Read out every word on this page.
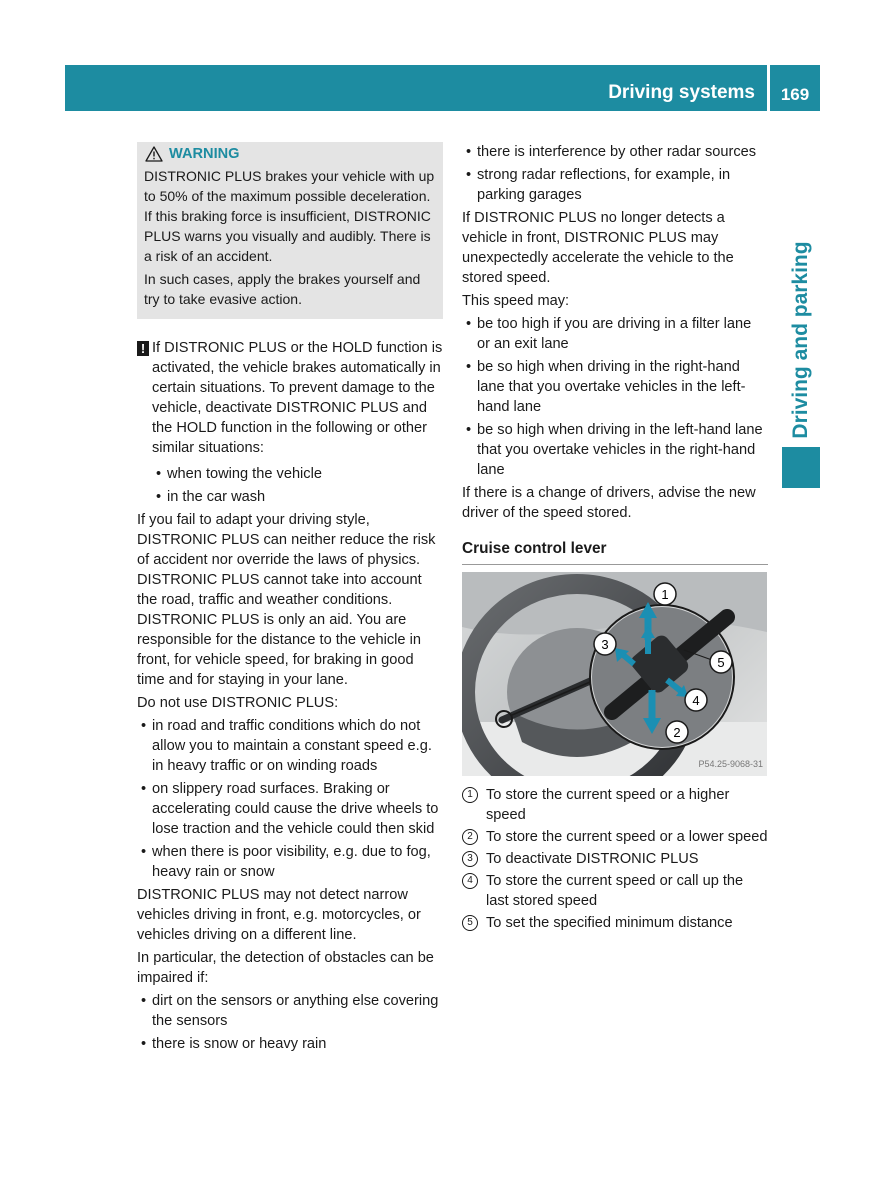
Driving systems	169
Driving and parking
WARNING

DISTRONIC PLUS brakes your vehicle with up to 50% of the maximum possible deceleration. If this braking force is insufficient, DISTRONIC PLUS warns you visually and audibly. There is a risk of an accident.

In such cases, apply the brakes yourself and try to take evasive action.

! If DISTRONIC PLUS or the HOLD function is activated, the vehicle brakes automatically in certain situations. To prevent damage to the vehicle, deactivate DISTRONIC PLUS and the HOLD function in the following or other similar situations:
• when towing the vehicle
• in the car wash

If you fail to adapt your driving style, DISTRONIC PLUS can neither reduce the risk of accident nor override the laws of physics. DISTRONIC PLUS cannot take into account the road, traffic and weather conditions. DISTRONIC PLUS is only an aid. You are responsible for the distance to the vehicle in front, for vehicle speed, for braking in good time and for staying in your lane.

Do not use DISTRONIC PLUS:

• in road and traffic conditions which do not allow you to maintain a constant speed e.g. in heavy traffic or on winding roads
• on slippery road surfaces. Braking or accelerating could cause the drive wheels to lose traction and the vehicle could then skid
• when there is poor visibility, e.g. due to fog, heavy rain or snow

DISTRONIC PLUS may not detect narrow vehicles driving in front, e.g. motorcycles, or vehicles driving on a different line.

In particular, the detection of obstacles can be impaired if:

• dirt on the sensors or anything else covering the sensors
• there is snow or heavy rain
• there is interference by other radar sources
• strong radar reflections, for example, in parking garages

If DISTRONIC PLUS no longer detects a vehicle in front, DISTRONIC PLUS may unexpectedly accelerate the vehicle to the stored speed.

This speed may:

• be too high if you are driving in a filter lane or an exit lane
• be so high when driving in the right-hand lane that you overtake vehicles in the left-hand lane
• be so high when driving in the left-hand lane that you overtake vehicles in the right-hand lane

If there is a change of drivers, advise the new driver of the speed stored.

Cruise control lever
1
2
3
4
5
P54.25-9068-31
1 To store the current speed or a higher speed
2 To store the current speed or a lower speed
3 To deactivate DISTRONIC PLUS
4 To store the current speed or call up the last stored speed
5 To set the specified minimum distance
